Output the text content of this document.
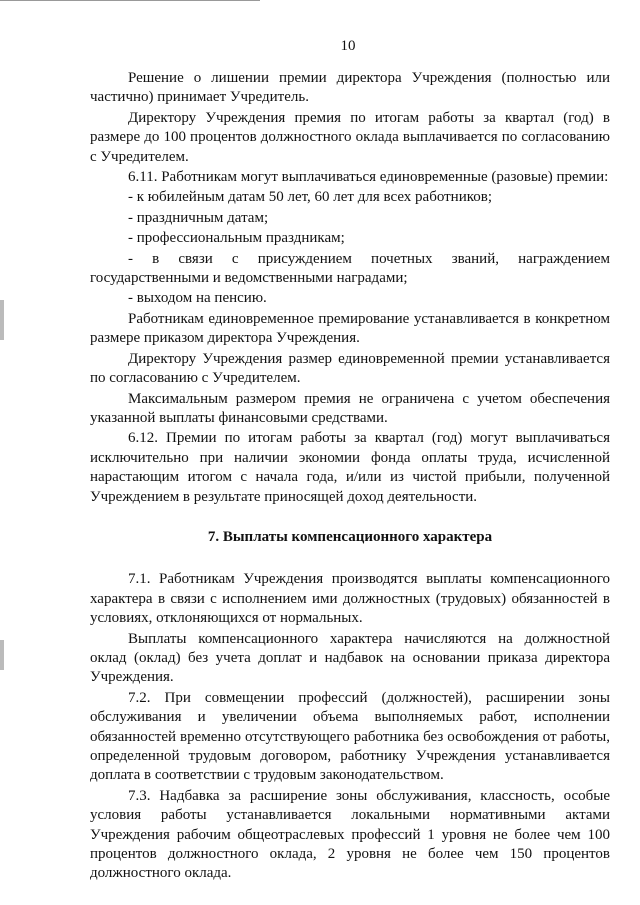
10

Решение о лишении премии директора Учреждения (полностью или частично) принимает Учредитель.

Директору Учреждения премия по итогам работы за квартал (год) в размере до 100 процентов должностного оклада выплачивается по согласованию с Учредителем.

6.11. Работникам могут выплачиваться единовременные (разовые) премии:

- к юбилейным датам 50 лет, 60 лет для всех работников;

- праздничным датам;

- профессиональным праздникам;

- в связи с присуждением почетных званий, награждением государственными и ведомственными наградами;

- выходом на пенсию.

Работникам единовременное премирование устанавливается в конкретном размере приказом директора Учреждения.

Директору Учреждения размер единовременной премии устанавливается по согласованию с Учредителем.

Максимальным размером премия не ограничена с учетом обеспечения указанной выплаты финансовыми средствами.

6.12. Премии по итогам работы за квартал (год) могут выплачиваться исключительно при наличии экономии фонда оплаты труда, исчисленной нарастающим итогом с начала года, и/или из чистой прибыли, полученной Учреждением в результате приносящей доход деятельности.

7. Выплаты компенсационного характера

7.1. Работникам Учреждения производятся выплаты компенсационного характера в связи с исполнением ими должностных (трудовых) обязанностей в условиях, отклоняющихся от нормальных.

Выплаты компенсационного характера начисляются на должностной оклад (оклад) без учета доплат и надбавок на основании приказа директора Учреждения.

7.2. При совмещении профессий (должностей), расширении зоны обслуживания и увеличении объема выполняемых работ, исполнении обязанностей временно отсутствующего работника без освобождения от работы, определенной трудовым договором, работнику Учреждения устанавливается доплата в соответствии с трудовым законодательством.

7.3. Надбавка за расширение зоны обслуживания, классность, особые условия работы устанавливается локальными нормативными актами Учреждения рабочим общеотраслевых профессий 1 уровня не более чем 100 процентов должностного оклада, 2 уровня не более чем 150 процентов должностного оклада.
